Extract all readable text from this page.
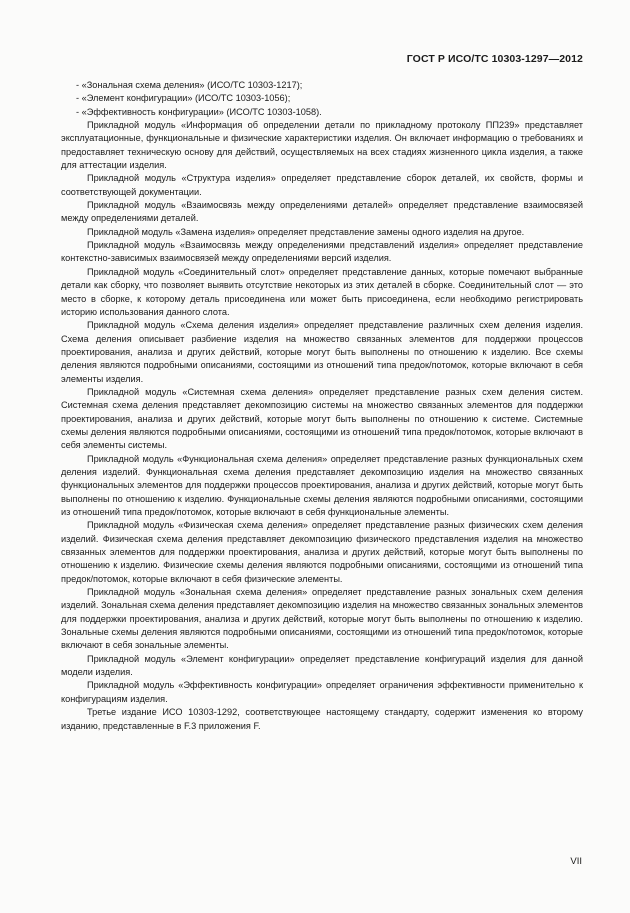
ГОСТ Р ИСО/ТС 10303-1297—2012
- «Зональная схема деления» (ИСО/ТС 10303-1217);
- «Элемент конфигурации» (ИСО/ТС 10303-1056);
- «Эффективность конфигурации» (ИСО/ТС 10303-1058).

Прикладной модуль «Информация об определении детали по прикладному протоколу ПП239» представляет эксплуатационные, функциональные и физические характеристики изделия. Он включает информацию о требованиях и предоставляет техническую основу для действий, осуществляемых на всех стадиях жизненного цикла изделия, а также для аттестации изделия.

Прикладной модуль «Структура изделия» определяет представление сборок деталей, их свойств, формы и соответствующей документации.

Прикладной модуль «Взаимосвязь между определениями деталей» определяет представление взаимосвязей между определениями деталей.

Прикладной модуль «Замена изделия» определяет представление замены одного изделия на другое.

Прикладной модуль «Взаимосвязь между определениями представлений изделия» определяет представление контекстно-зависимых взаимосвязей между определениями версий изделия.

Прикладной модуль «Соединительный слот» определяет представление данных, которые помечают выбранные детали как сборку, что позволяет выявить отсутствие некоторых из этих деталей в сборке. Соединительный слот — это место в сборке, к которому деталь присоединена или может быть присоединена, если необходимо регистрировать историю использования данного слота.

Прикладной модуль «Схема деления изделия» определяет представление различных схем деления изделия. Схема деления описывает разбиение изделия на множество связанных элементов для поддержки процессов проектирования, анализа и других действий, которые могут быть выполнены по отношению к изделию. Все схемы деления являются подробными описаниями, состоящими из отношений типа предок/потомок, которые включают в себя элементы изделия.

Прикладной модуль «Системная схема деления» определяет представление разных схем деления систем. Системная схема деления представляет декомпозицию системы на множество связанных элементов для поддержки проектирования, анализа и других действий, которые могут быть выполнены по отношению к системе. Системные схемы деления являются подробными описаниями, состоящими из отношений типа предок/потомок, которые включают в себя элементы системы.

Прикладной модуль «Функциональная схема деления» определяет представление разных функциональных схем деления изделий. Функциональная схема деления представляет декомпозицию изделия на множество связанных функциональных элементов для поддержки процессов проектирования, анализа и других действий, которые могут быть выполнены по отношению к изделию. Функциональные схемы деления являются подробными описаниями, состоящими из отношений типа предок/потомок, которые включают в себя функциональные элементы.

Прикладной модуль «Физическая схема деления» определяет представление разных физических схем деления изделий. Физическая схема деления представляет декомпозицию физического представления изделия на множество связанных элементов для поддержки проектирования, анализа и других действий, которые могут быть выполнены по отношению к изделию. Физические схемы деления являются подробными описаниями, состоящими из отношений типа предок/потомок, которые включают в себя физические элементы.

Прикладной модуль «Зональная схема деления» определяет представление разных зональных схем деления изделий. Зональная схема деления представляет декомпозицию изделия на множество связанных зональных элементов для поддержки проектирования, анализа и других действий, которые могут быть выполнены по отношению к изделию. Зональные схемы деления являются подробными описаниями, состоящими из отношений типа предок/потомок, которые включают в себя зональные элементы.

Прикладной модуль «Элемент конфигурации» определяет представление конфигураций изделия для данной модели изделия.

Прикладной модуль «Эффективность конфигурации» определяет ограничения эффективности применительно к конфигурациям изделия.

Третье издание ИСО 10303-1292, соответствующее настоящему стандарту, содержит изменения ко второму изданию, представленные в F.3 приложения F.

VII
